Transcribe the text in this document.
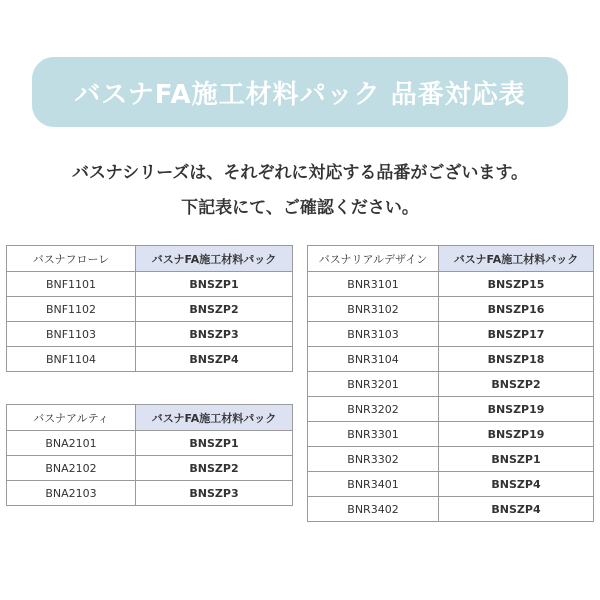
バスナFA施工材料パック 品番対応表
バスナシリーズは、それぞれに対応する品番がございます。
下記表にて、ご確認ください。
バスナフローレ	バスナFA施工材料パック
BNF1101	BNSZP1
BNF1102	BNSZP2
BNF1103	BNSZP3
BNF1104	BNSZP4
バスナアルティ	バスナFA施工材料パック
BNA2101	BNSZP1
BNA2102	BNSZP2
BNA2103	BNSZP3
バスナリアルデザイン	バスナFA施工材料パック
BNR3101	BNSZP15
BNR3102	BNSZP16
BNR3103	BNSZP17
BNR3104	BNSZP18
BNR3201	BNSZP2
BNR3202	BNSZP19
BNR3301	BNSZP19
BNR3302	BNSZP1
BNR3401	BNSZP4
BNR3402	BNSZP4
